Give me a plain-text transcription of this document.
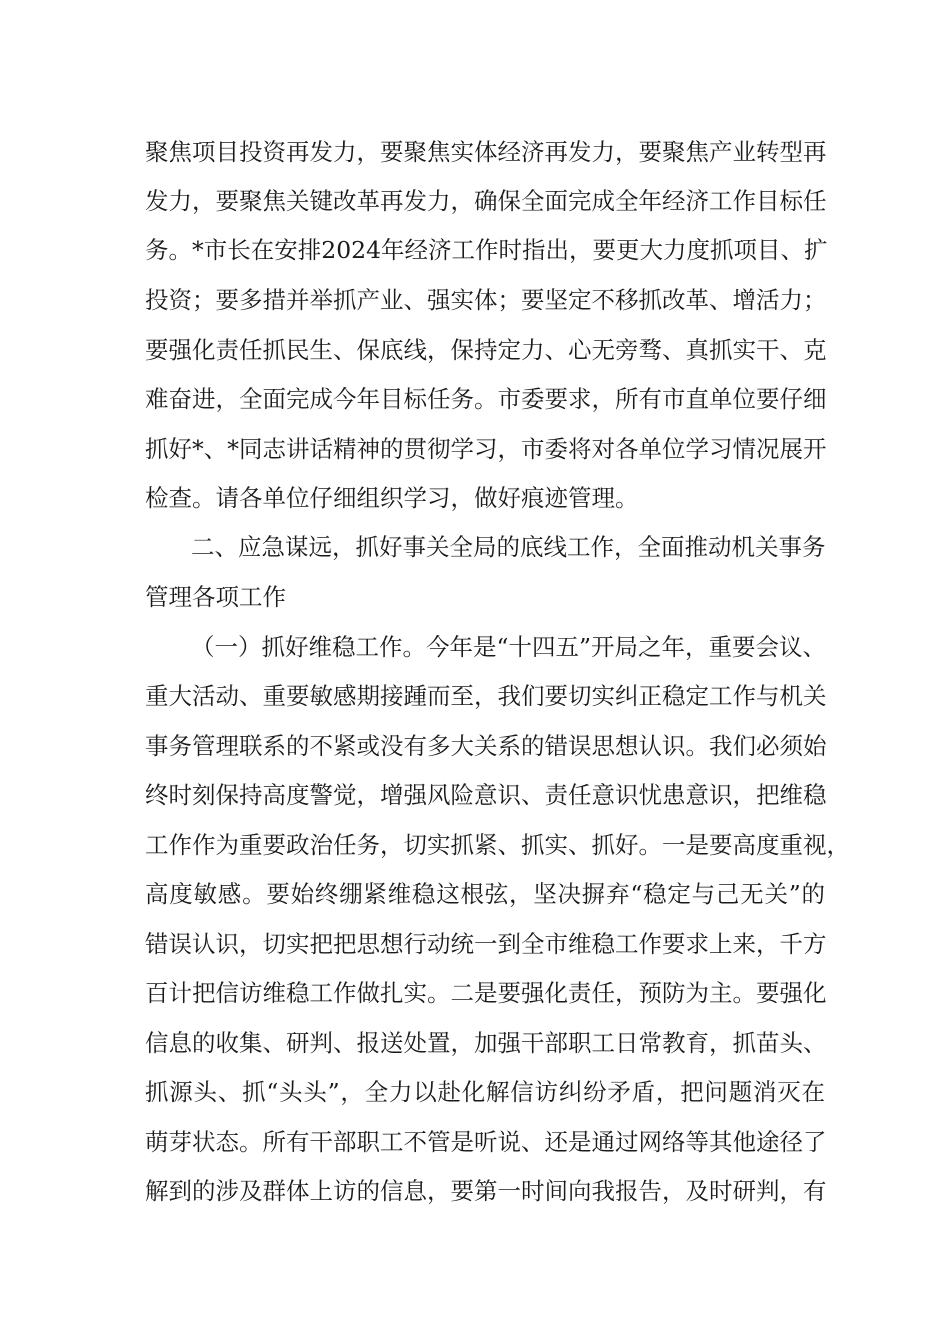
聚焦项目投资再发力，要聚焦实体经济再发力，要聚焦产业转型再
发力，要聚焦关键改革再发力，确保全面完成全年经济工作目标任
务。*市长在安排2024年经济工作时指出，要更大力度抓项目、扩
投资；要多措并举抓产业、强实体；要坚定不移抓改革、增活力；
要强化责任抓民生、保底线，保持定力、心无旁骛、真抓实干、克
难奋进，全面完成今年目标任务。市委要求，所有市直单位要仔细
抓好*、*同志讲话精神的贯彻学习，市委将对各单位学习情况展开
检查。请各单位仔细组织学习，做好痕迹管理。
二、应急谋远，抓好事关全局的底线工作，全面推动机关事务
管理各项工作
（一）抓好维稳工作。今年是“十四五”开局之年，重要会议、
重大活动、重要敏感期接踵而至，我们要切实纠正稳定工作与机关
事务管理联系的不紧或没有多大关系的错误思想认识。我们必须始
终时刻保持高度警觉，增强风险意识、责任意识忧患意识，把维稳
工作作为重要政治任务，切实抓紧、抓实、抓好。一是要高度重视，
高度敏感。要始终绷紧维稳这根弦，坚决摒弃“稳定与己无关”的
错误认识，切实把把思想行动统一到全市维稳工作要求上来，千方
百计把信访维稳工作做扎实。二是要强化责任，预防为主。要强化
信息的收集、研判、报送处置，加强干部职工日常教育，抓苗头、
抓源头、抓“头头”，全力以赴化解信访纠纷矛盾，把问题消灭在
萌芽状态。所有干部职工不管是听说、还是通过网络等其他途径了
解到的涉及群体上访的信息，要第一时间向我报告，及时研判，有
